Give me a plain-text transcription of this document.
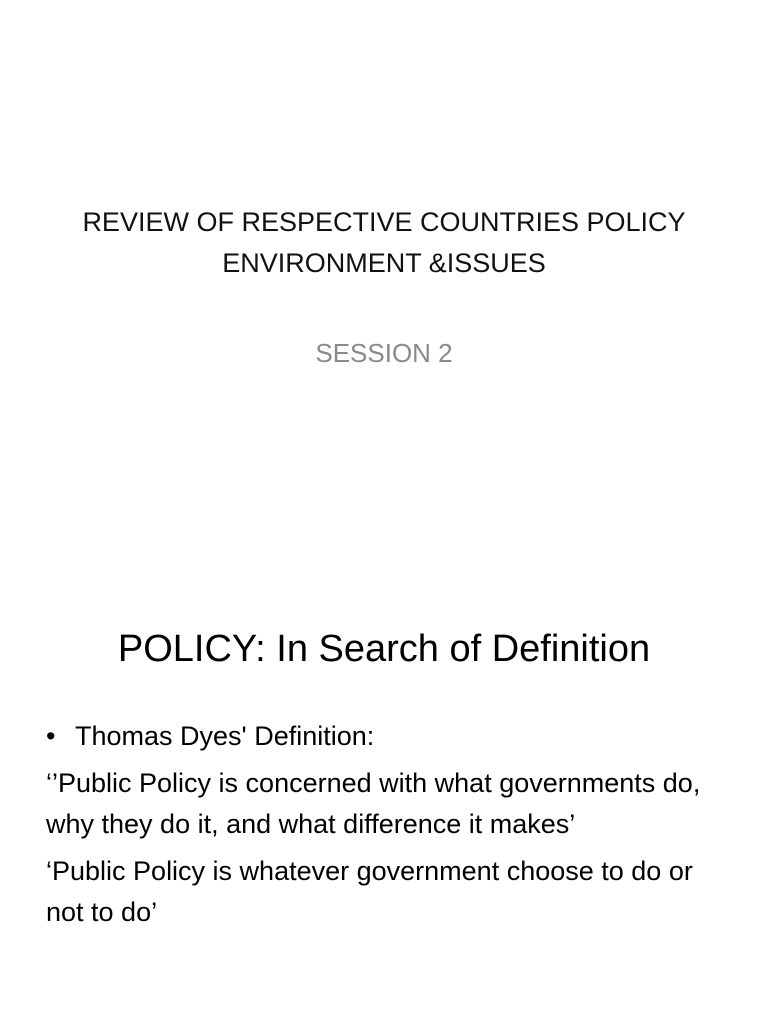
REVIEW OF RESPECTIVE COUNTRIES POLICY ENVIRONMENT &ISSUES
SESSION 2
POLICY: In Search of Definition
• Thomas Dyes' Definition:

‘’Public Policy is concerned with what governments do, why they do it, and what difference it makes’

‘Public Policy is whatever government choose to do or not to do’
